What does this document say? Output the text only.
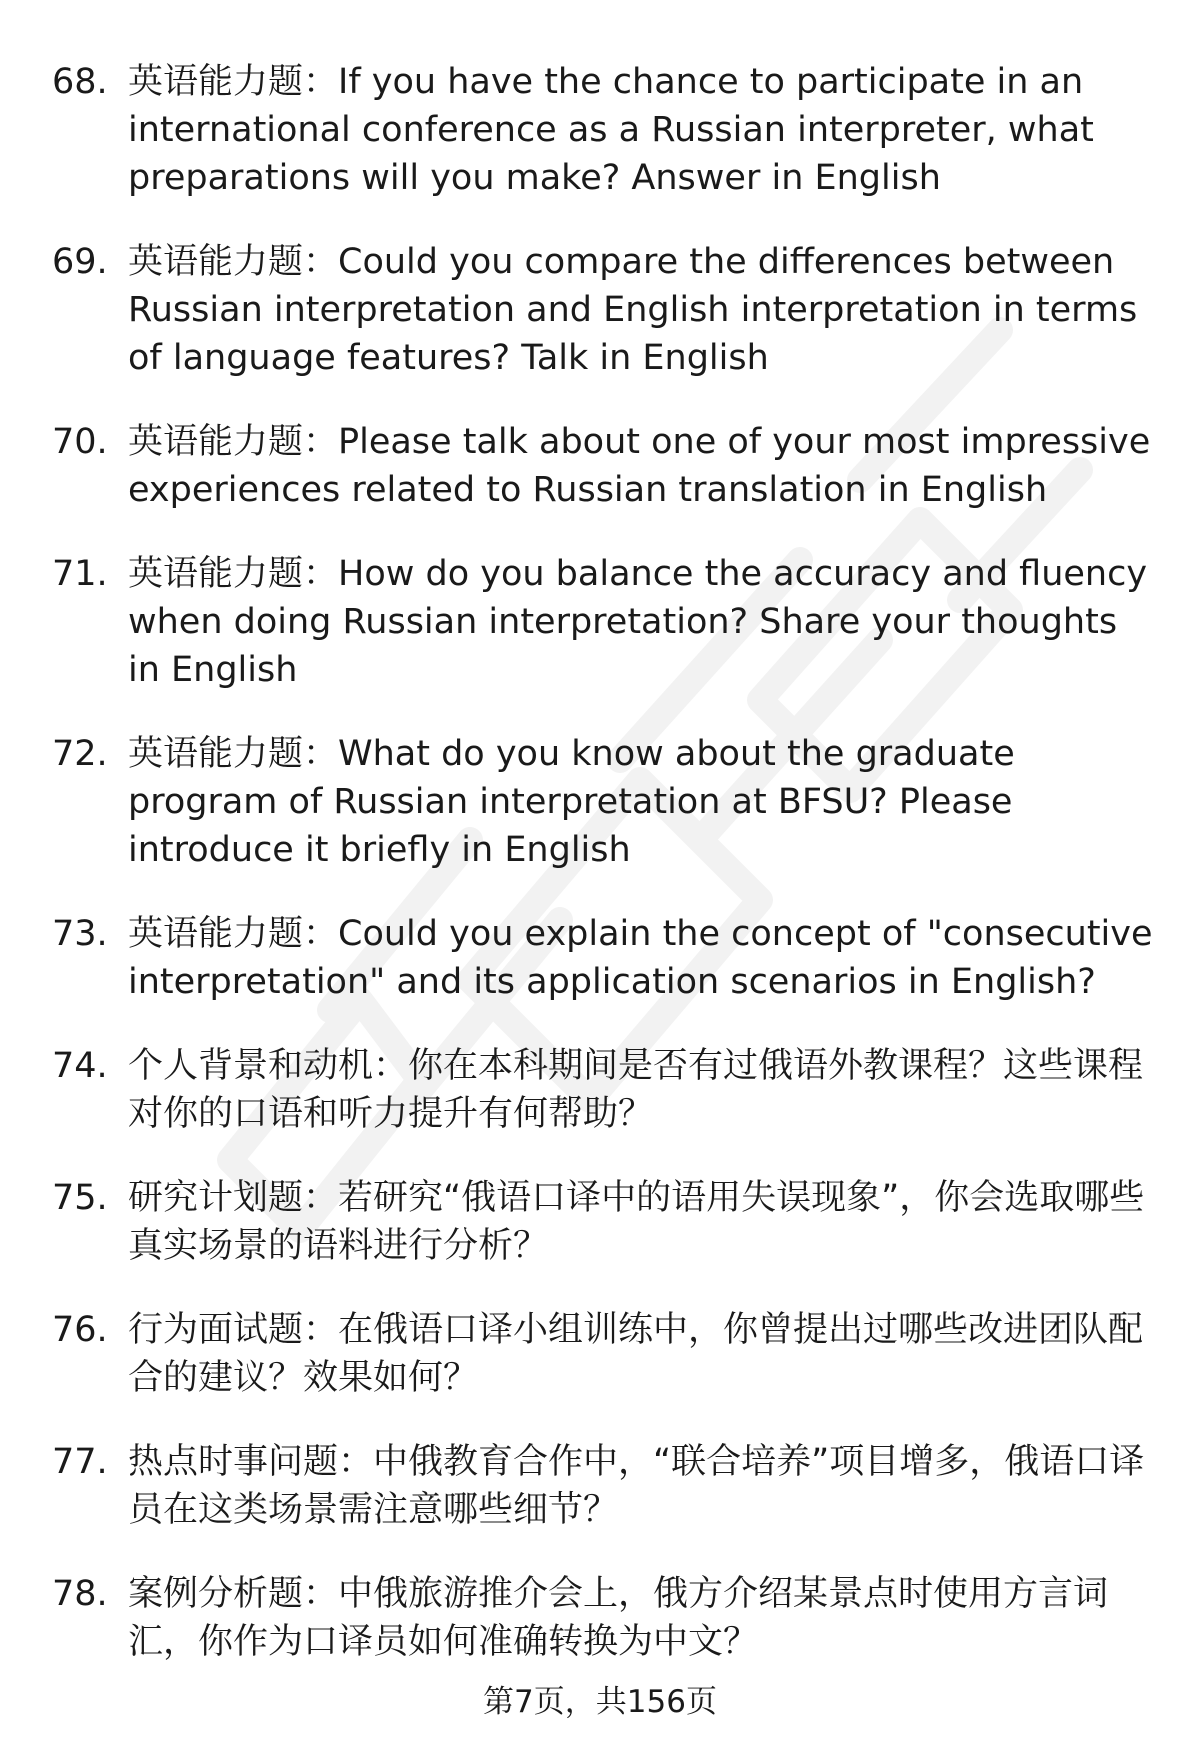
68. 英语能力题：If you have the chance to participate in an international conference as a Russian interpreter, what preparations will you make? Answer in English
69. 英语能力题：Could you compare the differences between Russian interpretation and English interpretation in terms of language features? Talk in English
70. 英语能力题：Please talk about one of your most impressive experiences related to Russian translation in English
71. 英语能力题：How do you balance the accuracy and fluency when doing Russian interpretation? Share your thoughts in English
72. 英语能力题：What do you know about the graduate program of Russian interpretation at BFSU? Please introduce it briefly in English
73. 英语能力题：Could you explain the concept of "consecutive interpretation" and its application scenarios in English?
74. 个人背景和动机：你在本科期间是否有过俄语外教课程？这些课程对你的口语和听力提升有何帮助？
75. 研究计划题：若研究“俄语口译中的语用失误现象”，你会选取哪些真实场景的语料进行分析？
76. 行为面试题：在俄语口译小组训练中，你曾提出过哪些改进团队配合的建议？效果如何？
77. 热点时事问题：中俄教育合作中，“联合培养”项目增多，俄语口译员在这类场景需注意哪些细节？
78. 案例分析题：中俄旅游推介会上，俄方介绍某景点时使用方言词汇，你作为口译员如何准确转换为中文？
第7页，共156页
